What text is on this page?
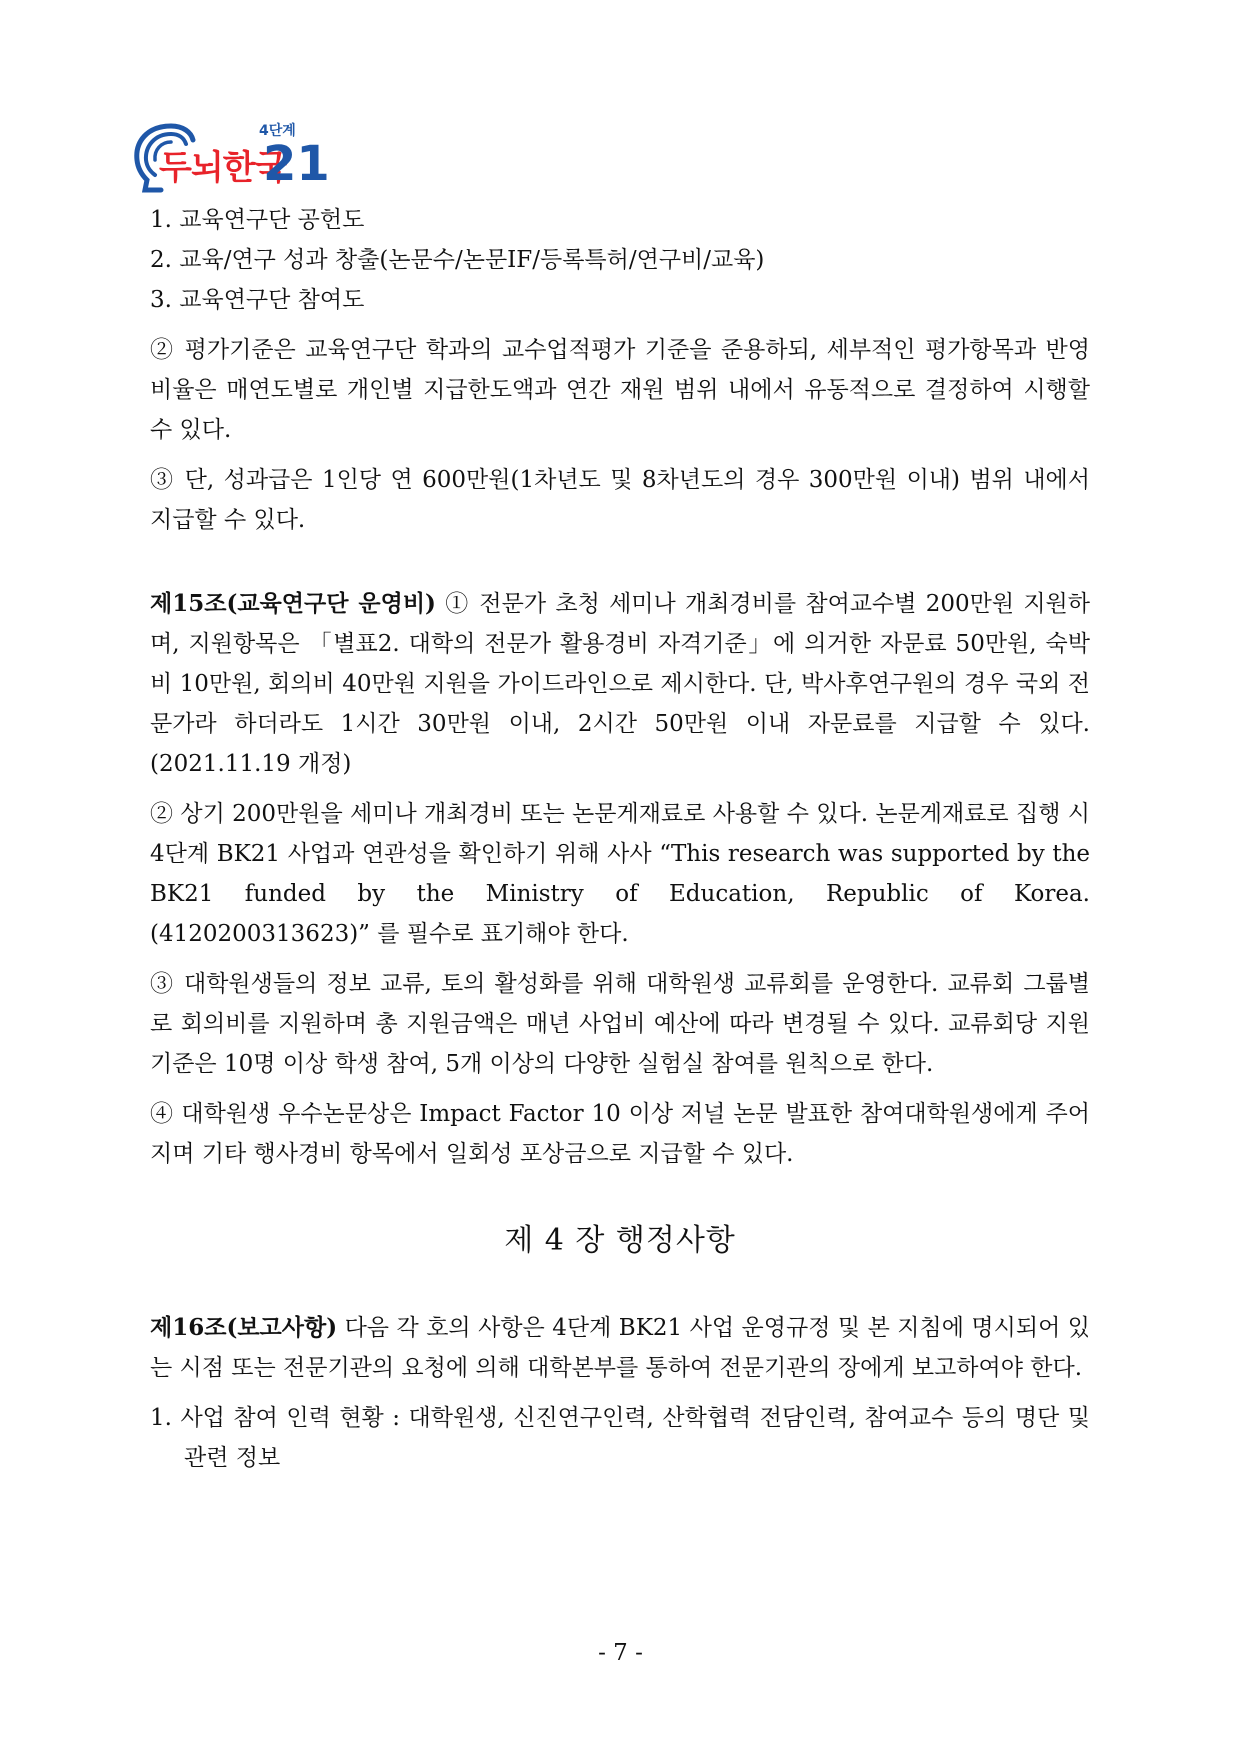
두뇌한국
21
4단계

1. 교육연구단 공헌도

2. 교육/연구 성과 창출(논문수/논문IF/등록특허/연구비/교육)

3. 교육연구단 참여도

② 평가기준은 교육연구단 학과의 교수업적평가 기준을 준용하되, 세부적인 평가항목과 반영비율은 매연도별로 개인별 지급한도액과 연간 재원 범위 내에서 유동적으로 결정하여 시행할 수 있다.

③ 단, 성과급은 1인당 연 600만원(1차년도 및 8차년도의 경우 300만원 이내) 범위 내에서 지급할 수 있다.

제15조(교육연구단 운영비) ① 전문가 초청 세미나 개최경비를 참여교수별 200만원 지원하며, 지원항목은 「별표2. 대학의 전문가 활용경비 자격기준」에 의거한 자문료 50만원, 숙박비 10만원, 회의비 40만원 지원을 가이드라인으로 제시한다. 단, 박사후연구원의 경우 국외 전문가라 하더라도 1시간 30만원 이내, 2시간 50만원 이내 자문료를 지급할 수 있다.(2021.11.19 개정)

② 상기 200만원을 세미나 개최경비 또는 논문게재료로 사용할 수 있다. 논문게재료로 집행 시 4단계 BK21 사업과 연관성을 확인하기 위해 사사 “This research was supported by the BK21 funded by the Ministry of Education, Republic of Korea.(4120200313623)” 를 필수로 표기해야 한다.

③ 대학원생들의 정보 교류, 토의 활성화를 위해 대학원생 교류회를 운영한다. 교류회 그룹별로 회의비를 지원하며 총 지원금액은 매년 사업비 예산에 따라 변경될 수 있다. 교류회당 지원기준은 10명 이상 학생 참여, 5개 이상의 다양한 실험실 참여를 원칙으로 한다.

④ 대학원생 우수논문상은 Impact Factor 10 이상 저널 논문 발표한 참여대학원생에게 주어지며 기타 행사경비 항목에서 일회성 포상금으로 지급할 수 있다.

제 4 장 행정사항

제16조(보고사항) 다음 각 호의 사항은 4단계 BK21 사업 운영규정 및 본 지침에 명시되어 있는 시점 또는 전문기관의 요청에 의해 대학본부를 통하여 전문기관의 장에게 보고하여야 한다.

1. 사업 참여 인력 현황 : 대학원생, 신진연구인력, 산학협력 전담인력, 참여교수 등의 명단 및 관련 정보

- 7 -
